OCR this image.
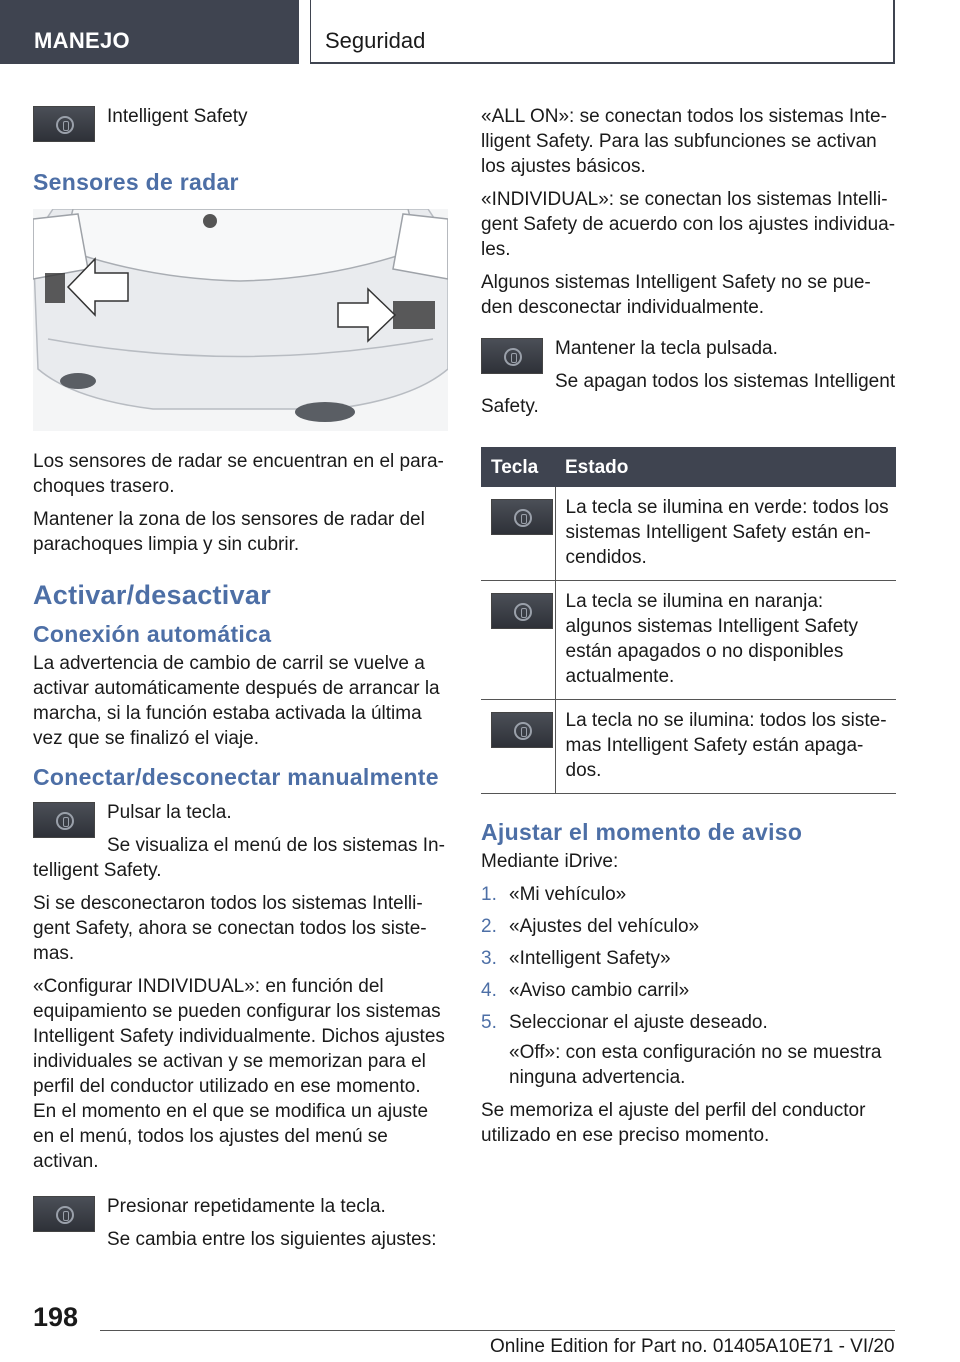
MANEJO	Seguridad

Intelligent Safety

Sensores de radar

Los sensores de radar se encuentran en el parachoques trasero.

Mantener la zona de los sensores de radar del parachoques limpia y sin cubrir.

Activar/desactivar
Conexión automática

La advertencia de cambio de carril se vuelve a activar automáticamente después de arrancar la marcha, si la función estaba activada la última vez que se finalizó el viaje.

Conectar/desconectar manualmente

Pulsar la tecla.

Se visualiza el menú de los sistemas Intelligent Safety.

Si se desconectaron todos los sistemas Intelligent Safety, ahora se conectan todos los sistemas.

«Configurar INDIVIDUAL»: en función del equipamiento se pueden configurar los sistemas Intelligent Safety individualmente. Dichos ajustes individuales se activan y se memorizan para el perfil del conductor utilizado en ese momento. En el momento en el que se modifica un ajuste en el menú, todos los ajustes del menú se activan.

Presionar repetidamente la tecla.

Se cambia entre los siguientes ajustes:

«ALL ON»: se conectan todos los sistemas Intelligent Safety. Para las subfunciones se activan los ajustes básicos.

«INDIVIDUAL»: se conectan los sistemas Intelligent Safety de acuerdo con los ajustes individuales.

Algunos sistemas Intelligent Safety no se pueden desconectar individualmente.

Mantener la tecla pulsada.

Se apagan todos los sistemas Intelligent Safety.

Tecla	Estado

	La tecla se ilumina en verde: todos los sistemas Intelligent Safety están encendidos.

	La tecla se ilumina en naranja: algunos sistemas Intelligent Safety están apagados o no disponibles actualmente.

	La tecla no se ilumina: todos los sistemas Intelligent Safety están apagados.
Ajustar el momento de aviso

Mediante iDrive:

1. «Mi vehículo»
2. «Ajustes del vehículo»
3. «Intelligent Safety»
4. «Aviso cambio carril»
5. Seleccionar el ajuste deseado.

«Off»: con esta configuración no se muestra ninguna advertencia.

Se memoriza el ajuste del perfil del conductor utilizado en ese preciso momento.

198
Online Edition for Part no. 01405A10E71 - VI/20
